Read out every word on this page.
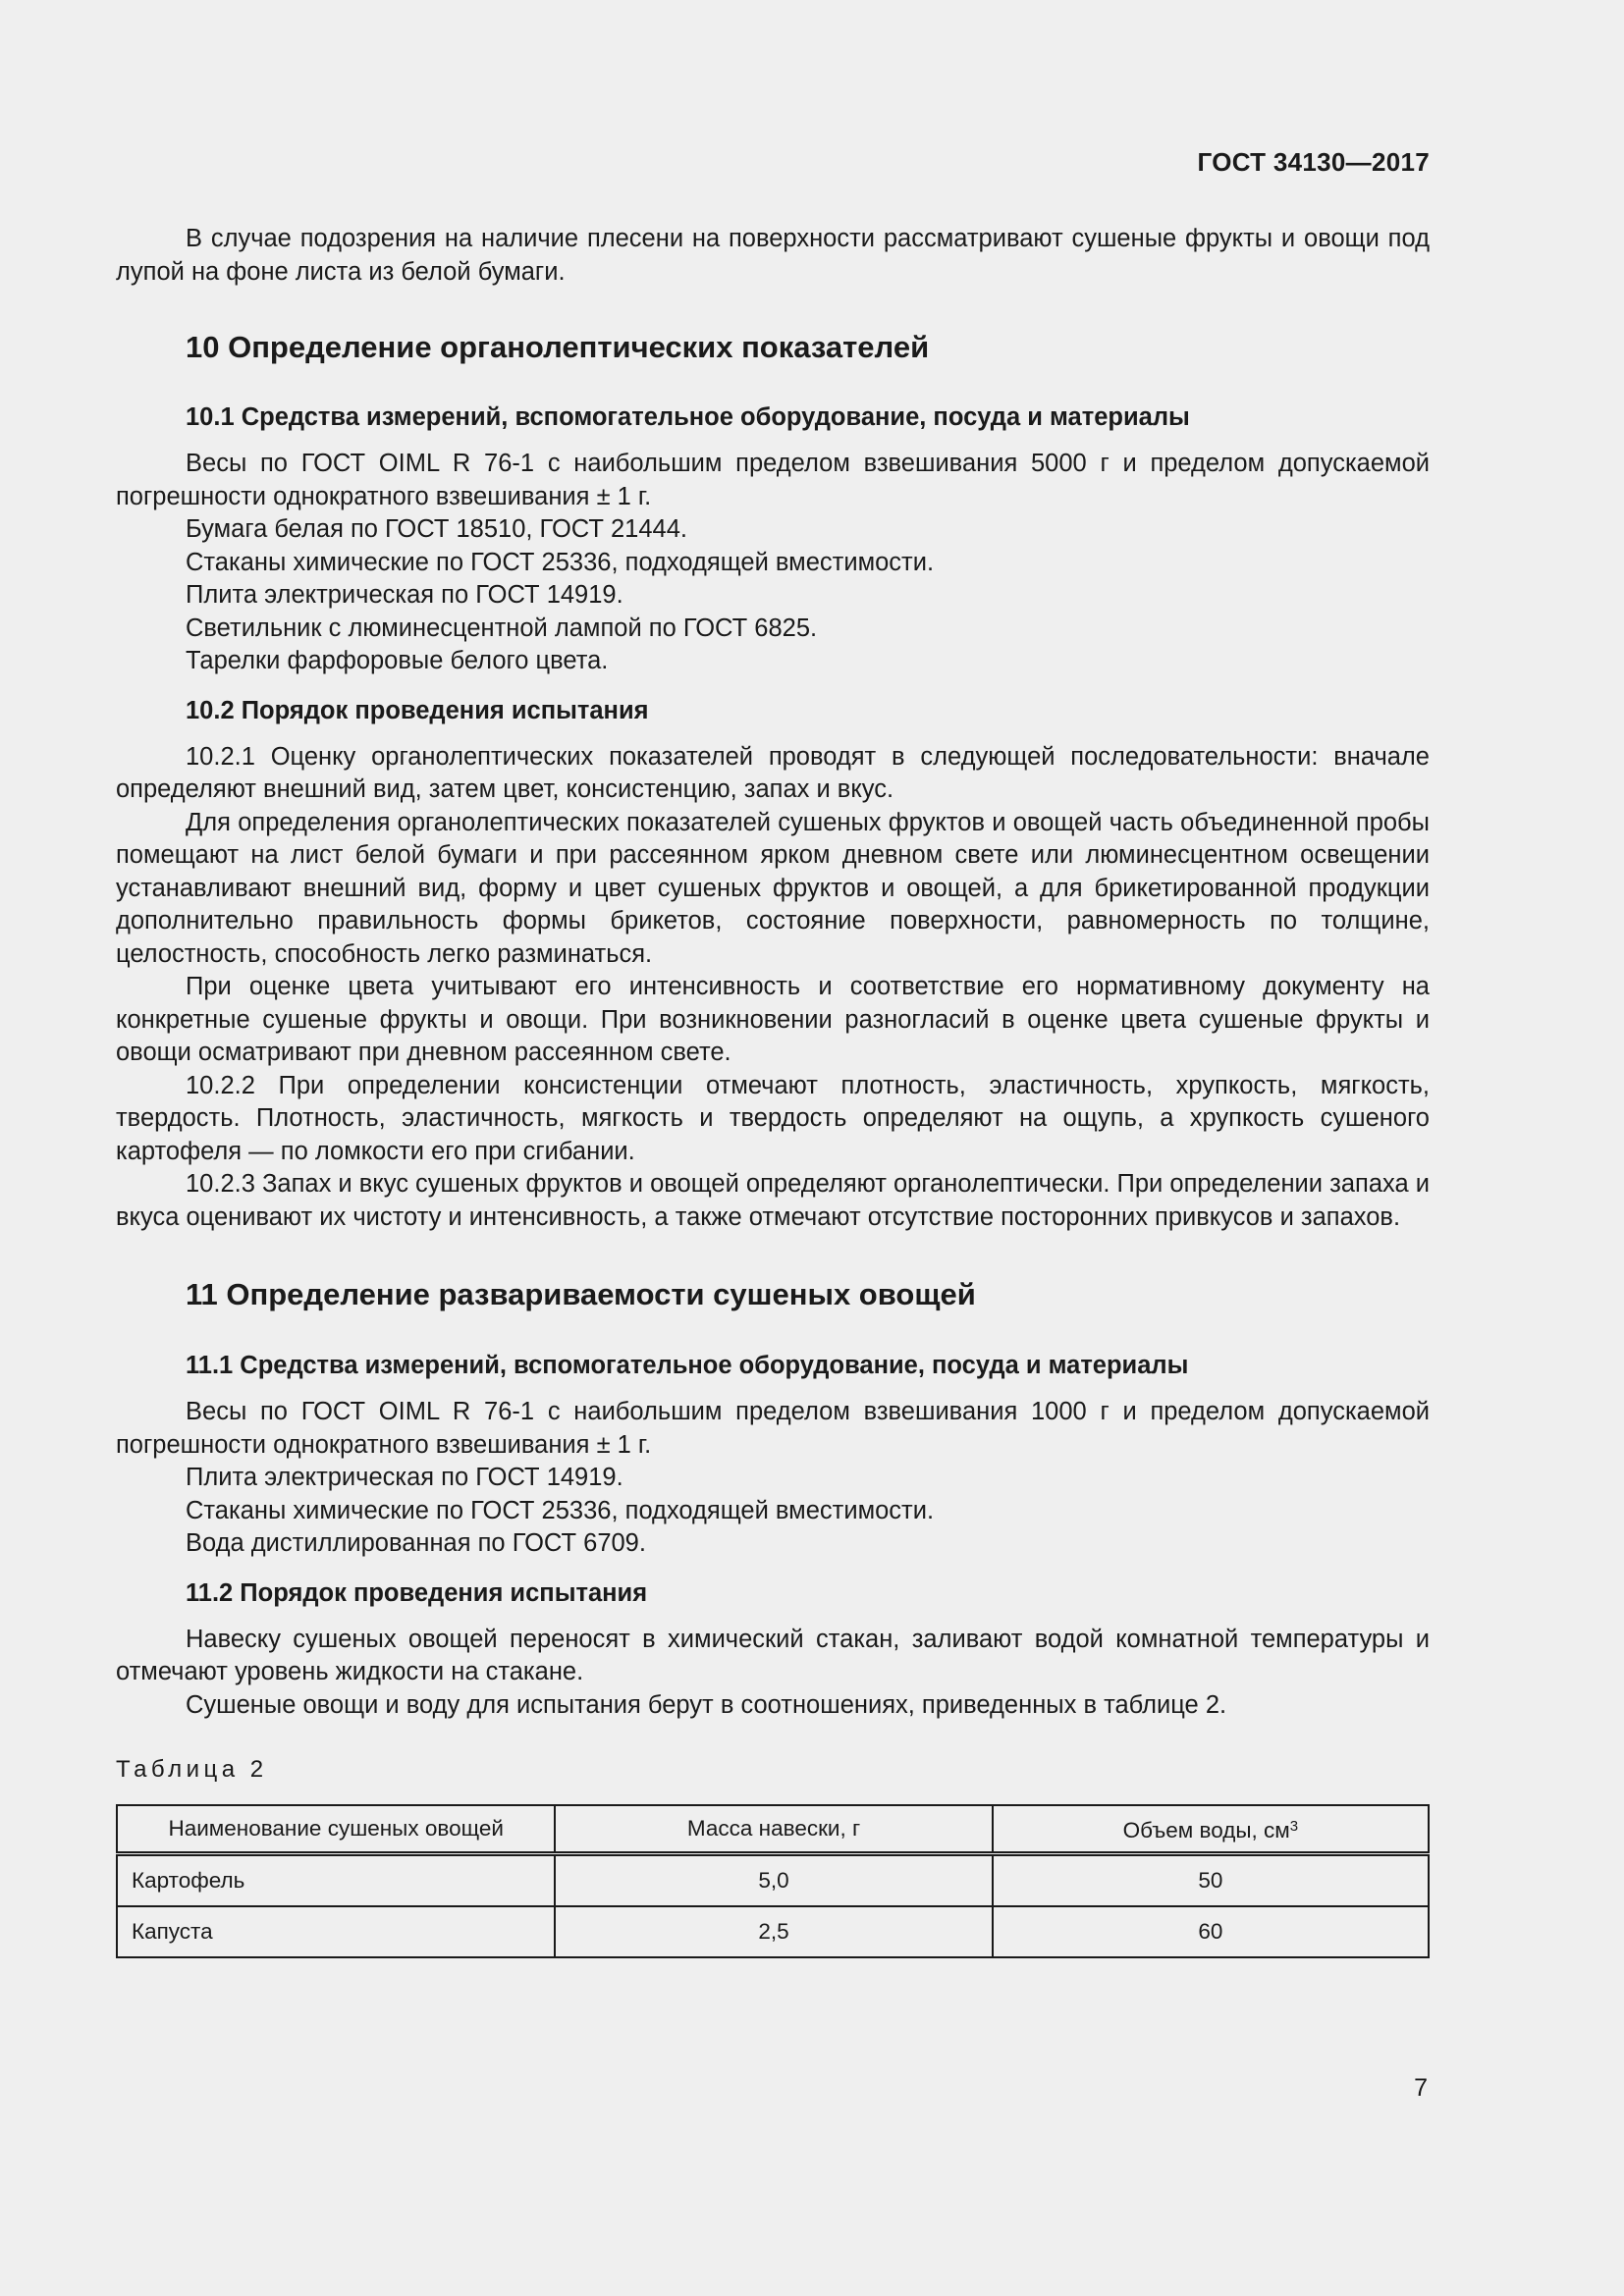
ГОСТ 34130—2017

В случае подозрения на наличие плесени на поверхности рассматривают сушеные фрукты и овощи под лупой на фоне листа из белой бумаги.

10 Определение органолептических показателей
10.1 Средства измерений, вспомогательное оборудование, посуда и материалы

Весы по ГОСТ OIML R 76-1 с наибольшим пределом взвешивания 5000 г и пределом допускаемой погрешности однократного взвешивания ± 1 г.

Бумага белая по ГОСТ 18510, ГОСТ 21444.

Стаканы химические по ГОСТ 25336, подходящей вместимости.

Плита электрическая по ГОСТ 14919.

Светильник с люминесцентной лампой по ГОСТ 6825.

Тарелки фарфоровые белого цвета.

10.2 Порядок проведения испытания

10.2.1 Оценку органолептических показателей проводят в следующей последовательности: вначале определяют внешний вид, затем цвет, консистенцию, запах и вкус.

Для определения органолептических показателей сушеных фруктов и овощей часть объединенной пробы помещают на лист белой бумаги и при рассеянном ярком дневном свете или люминесцентном освещении устанавливают внешний вид, форму и цвет сушеных фруктов и овощей, а для брикетированной продукции дополнительно правильность формы брикетов, состояние поверхности, равномерность по толщине, целостность, способность легко разминаться.

При оценке цвета учитывают его интенсивность и соответствие его нормативному документу на конкретные сушеные фрукты и овощи. При возникновении разногласий в оценке цвета сушеные фрукты и овощи осматривают при дневном рассеянном свете.

10.2.2 При определении консистенции отмечают плотность, эластичность, хрупкость, мягкость, твердость. Плотность, эластичность, мягкость и твердость определяют на ощупь, а хрупкость сушеного картофеля — по ломкости его при сгибании.

10.2.3 Запах и вкус сушеных фруктов и овощей определяют органолептически. При определении запаха и вкуса оценивают их чистоту и интенсивность, а также отмечают отсутствие посторонних привкусов и запахов.

11 Определение развариваемости сушеных овощей
11.1 Средства измерений, вспомогательное оборудование, посуда и материалы

Весы по ГОСТ OIML R 76-1 с наибольшим пределом взвешивания 1000 г и пределом допускаемой погрешности однократного взвешивания ± 1 г.

Плита электрическая по ГОСТ 14919.

Стаканы химические по ГОСТ 25336, подходящей вместимости.

Вода дистиллированная по ГОСТ 6709.

11.2 Порядок проведения испытания

Навеску сушеных овощей переносят в химический стакан, заливают водой комнатной температуры и отмечают уровень жидкости на стакане.

Сушеные овощи и воду для испытания берут в соотношениях, приведенных в таблице 2.

Таблица 2

Наименование сушеных овощей	Масса навески, г	Объем воды, $см^3$
Картофель	5,0	50
Капуста	2,5	60
7
